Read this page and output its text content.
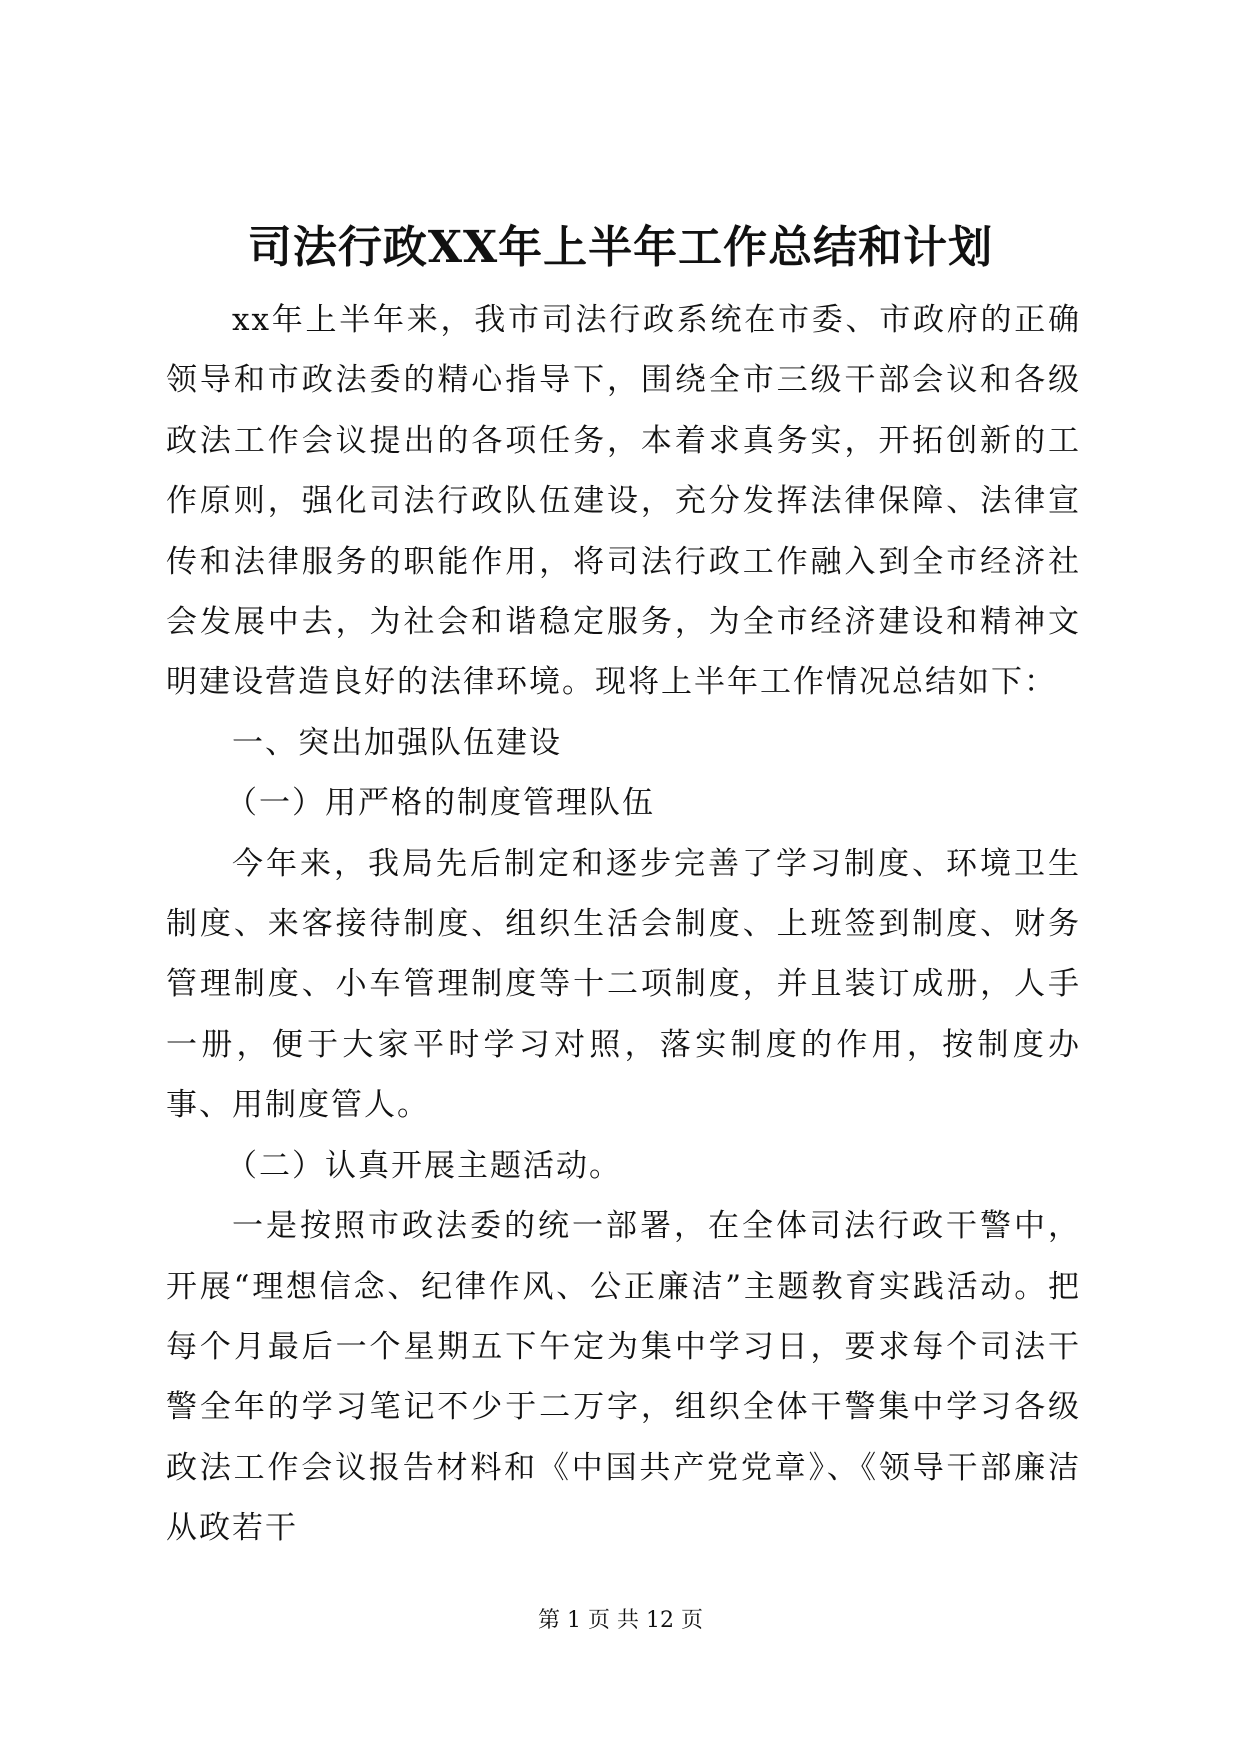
司法行政XX年上半年工作总结和计划

xx年上半年来，我市司法行政系统在市委、市政府的正确领导和市政法委的精心指导下，围绕全市三级干部会议和各级政法工作会议提出的各项任务，本着求真务实，开拓创新的工作原则，强化司法行政队伍建设，充分发挥法律保障、法律宣传和法律服务的职能作用，将司法行政工作融入到全市经济社会发展中去，为社会和谐稳定服务，为全市经济建设和精神文明建设营造良好的法律环境。现将上半年工作情况总结如下：

一、突出加强队伍建设

（一）用严格的制度管理队伍

今年来，我局先后制定和逐步完善了学习制度、环境卫生制度、来客接待制度、组织生活会制度、上班签到制度、财务管理制度、小车管理制度等十二项制度，并且装订成册，人手一册，便于大家平时学习对照，落实制度的作用，按制度办事、用制度管人。

（二）认真开展主题活动。

一是按照市政法委的统一部署，在全体司法行政干警中，开展“理想信念、纪律作风、公正廉洁”主题教育实践活动。把每个月最后一个星期五下午定为集中学习日，要求每个司法干警全年的学习笔记不少于二万字，组织全体干警集中学习各级政法工作会议报告材料和《中国共产党党章》、《领导干部廉洁从政若干

第 1 页 共 12 页
